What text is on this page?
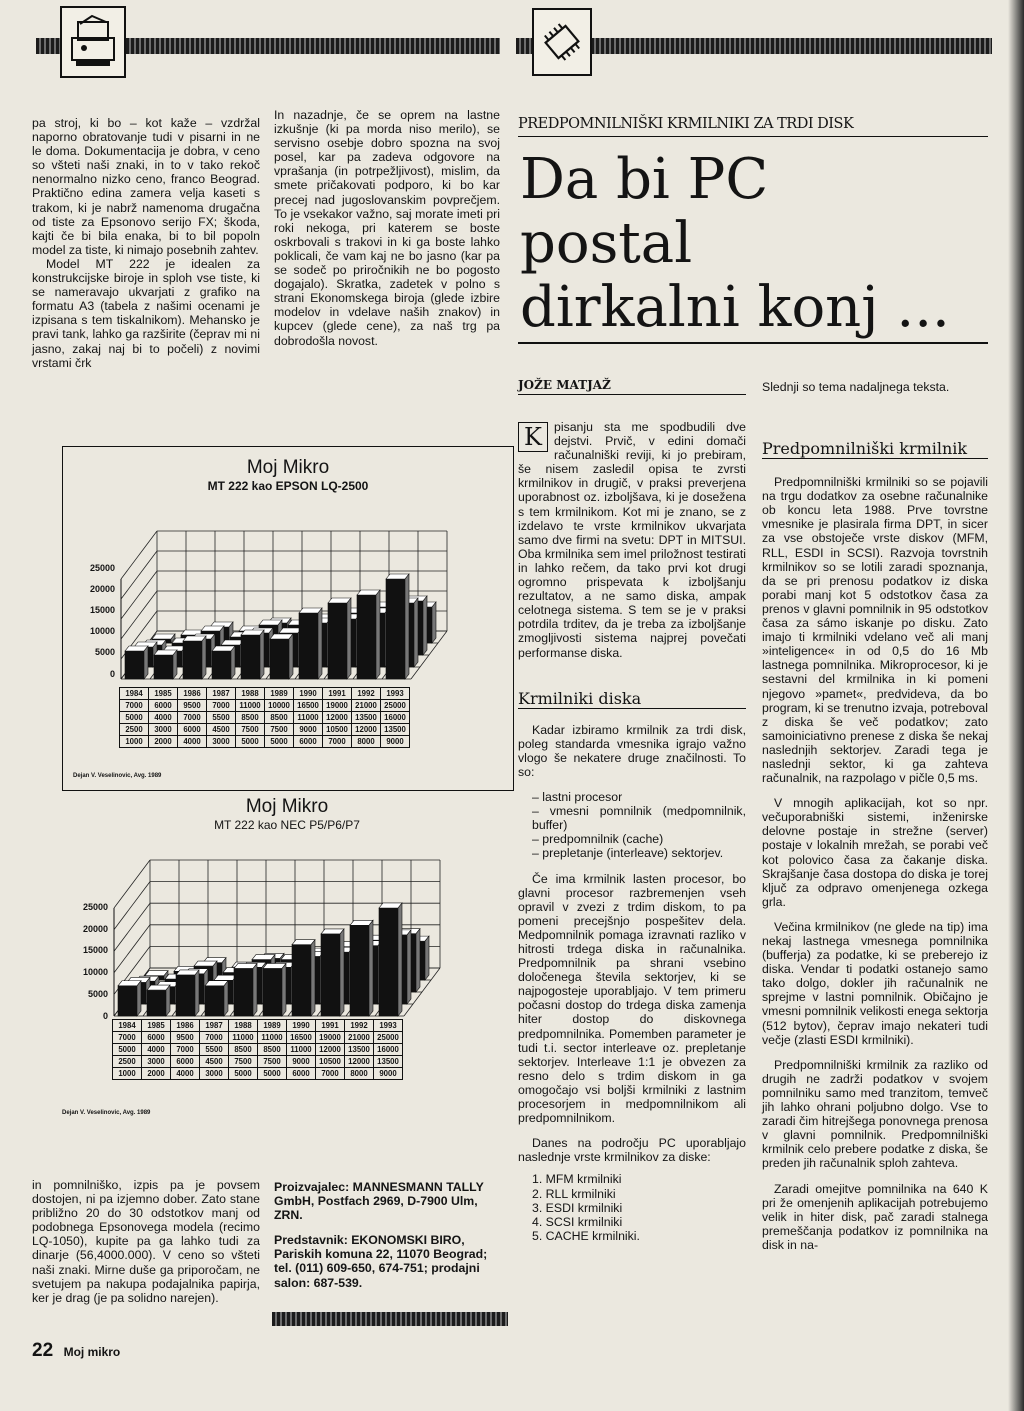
pa stroj, ki bo – kot kaže – vzdržal naporno obratovanje tudi v pisarni in ne le doma. Dokumentacija je dobra, v ceno so všteti naši znaki, in to v tako rekoč nenormalno nizko ceno, franco Beograd. Praktično edina zamera velja kaseti s trakom, ki je nabrž namenoma drugačna od tiste za Epsonovo serijo FX; škoda, kajti če bi bila enaka, bi to bil popoln model za tiste, ki nimajo posebnih zahtev.

Model MT 222 je idealen za konstrukcijske biroje in sploh vse tiste, ki se nameravajo ukvarjati z grafiko na formatu A3 (tabela z našimi ocenami je izpisana s tem tiskalnikom). Mehansko je pravi tank, lahko ga razširite (čeprav mi ni jasno, zakaj naj bi to počeli) z novimi vrstami črk

In nazadnje, če se oprem na lastne izkušnje (ki pa morda niso merilo), se servisno osebje dobro spozna na svoj posel, kar pa zadeva odgovore na vprašanja (in potrpežljivost), mislim, da smete pričakovati podporo, ki bo kar precej nad jugoslovanskim povprečjem. To je vsekakor važno, saj morate imeti pri roki nekoga, pri katerem se boste oskrbovali s trakovi in ki ga boste lahko poklicali, če vam kaj ne bo jasno (kar pa se sodeč po priročnikih ne bo pogosto dogajalo). Skratka, zadetek v polno s strani Ekonomskega biroja (glede izbire modelov in vdelave naših znakov) in kupcev (glede cene), za naš trg pa dobrodošla novost.

Moj Mikro
MT 222 kao EPSON LQ-2500
25000
20000
15000
10000
5000
0
1984	1985	1986	1987	1988	1989	1990	1991	1992	1993
7000	6000	9500	7000	11000	10000	16500	19000	21000	25000
5000	4000	7000	5500	8500	8500	11000	12000	13500	16000
2500	3000	6000	4500	7500	7500	9000	10500	12000	13500
1000	2000	4000	3000	5000	5000	6000	7000	8000	9000
Dejan V. Veselinovic, Avg. 1989
Moj Mikro
MT 222 kao NEC P5/P6/P7
25000
20000
15000
10000
5000
0
1984	1985	1986	1987	1988	1989	1990	1991	1992	1993
7000	6000	9500	7000	11000	11000	16500	19000	21000	25000
5000	4000	7000	5500	8500	8500	11000	12000	13500	16000
2500	3000	6000	4500	7500	7500	9000	10500	12000	13500
1000	2000	4000	3000	5000	5000	6000	7000	8000	9000
Dejan V. Veselinovic, Avg. 1989

in pomnilniško, izpis pa je povsem dostojen, ni pa izjemno dober. Zato stane približno 20 do 30 odstotkov manj od podobnega Epsonovega modela (recimo LQ-1050), kupite pa ga lahko tudi za dinarje (56,4000.000). V ceno so všteti naši znaki. Mirne duše ga priporočam, ne svetujem pa nakupa podajalnika papirja, ker je drag (je pa solidno narejen).

Proizvajalec: MANNESMANN TALLY GmbH, Postfach 2969, D-7900 Ulm, ZRN.

Predstavnik: EKONOMSKI BIRO, Pariskih komuna 22, 11070 Beograd; tel. (011) 609-650, 674-751; prodajni salon: 687-539.

22 Moj mikro
PREDPOMNILNIŠKI KRMILNIKI ZA TRDI DISK
Da bi PC
postal
dirkalni konj ...
JOŽE MATJAŽ	Slednji so tema nadaljnega teksta.

K pisanju sta me spodbudili dve dejstvi. Prvič, v edini domači računalniški reviji, ki jo prebiram, še nisem zasledil opisa te zvrsti krmilnikov in drugič, v praksi preverjena uporabnost oz. izboljšava, ki je dosežena s tem krmilnikom. Kot mi je znano, se z izdelavo te vrste krmilnikov ukvarjata samo dve firmi na svetu: DPT in MITSUI. Oba krmilnika sem imel priložnost testirati in lahko rečem, da tako prvi kot drugi ogromno prispevata k izboljšanju rezultatov, a ne samo diska, ampak celotnega sistema. S tem se je v praksi potrdila trditev, da je treba za izboljšanje zmogljivosti sistema najprej povečati performanse diska.

Krmilniki diska

Kadar izbiramo krmilnik za trdi disk, poleg standarda vmesnika igrajo važno vlogo še nekatere druge značilnosti. To so:

– lastni procesor
– vmesni pomnilnik (medpomnilnik, buffer)
– predpomnilnik (cache)
– prepletanje (interleave) sektorjev.

Če ima krmilnik lasten procesor, bo glavni procesor razbremenjen vseh opravil v zvezi z trdim diskom, to pa pomeni precejšnjo pospešitev dela. Medpomnilnik pomaga izravnati razliko v hitrosti trdega diska in računalnika. Predpomnilnik pa shrani vsebino določenega števila sektorjev, ki se najpogosteje uporabljajo. V tem primeru počasni dostop do trdega diska zamenja hiter dostop do diskovnega predpomnilnika. Pomemben parameter je tudi t.i. sector interleave oz. prepletanje sektorjev. Interleave 1:1 je obvezen za resno delo s trdim diskom in ga omogočajo vsi boljši krmilniki z lastnim procesorjem in medpomnilnikom ali predpomnilnikom.

Danes na področju PC uporabljajo naslednje vrste krmilnikov za diske:

1. MFM krmilniki
2. RLL krmilniki
3. ESDI krmilniki
4. SCSI krmilniki
5. CACHE krmilniki.
Predpomnilniški krmilnik

Predpomnilniški krmilniki so se pojavili na trgu dodatkov za osebne računalnike ob koncu leta 1988. Prve tovrstne vmesnike je plasirala firma DPT, in sicer za vse obstoječe vrste diskov (MFM, RLL, ESDI in SCSI). Razvoja tovrstnih krmilnikov so se lotili zaradi spoznanja, da se pri prenosu podatkov iz diska porabi manj kot 5 odstotkov časa za prenos v glavni pomnilnik in 95 odstotkov časa za sámo iskanje po disku. Zato imajo ti krmilniki vdelano več ali manj »inteligence« in od 0,5 do 16 Mb lastnega pomnilnika. Mikroprocesor, ki je sestavni del krmilnika in ki pomeni njegovo »pamet«, predvideva, da bo program, ki se trenutno izvaja, potreboval z diska še več podatkov; zato samoiniciativno prenese z diska še nekaj naslednjih sektorjev. Zaradi tega je naslednji sektor, ki ga zahteva računalnik, na razpolago v pičle 0,5 ms.

V mnogih aplikacijah, kot so npr. večuporabniški sistemi, inženirske delovne postaje in strežne (server) postaje v lokalnih mrežah, se porabi več kot polovico časa za čakanje diska. Skrajšanje časa dostopa do diska je torej ključ za odpravo omenjenega ozkega grla.

Večina krmilnikov (ne glede na tip) ima nekaj lastnega vmesnega pomnilnika (bufferja) za podatke, ki se preberejo iz diska. Vendar ti podatki ostanejo samo tako dolgo, dokler jih računalnik ne sprejme v lastni pomnilnik. Običajno je vmesni pomnilnik velikosti enega sektorja (512 bytov), čeprav imajo nekateri tudi večje (zlasti ESDI krmilniki).

Predpomnilniški krmilnik za razliko od drugih ne zadrži podatkov v svojem pomnilniku samo med tranzitom, temveč jih lahko ohrani poljubno dolgo. Vse to zaradi čim hitrejšega ponovnega prenosa v glavni pomnilnik. Predpomnilniški krmilnik celo prebere podatke z diska, še preden jih računalnik sploh zahteva.

Zaradi omejitve pomnilnika na 640 K pri že omenjenih aplikacijah potrebujemo velik in hiter disk, pač zaradi stalnega premeščanja podatkov iz pomnilnika na disk in na-
